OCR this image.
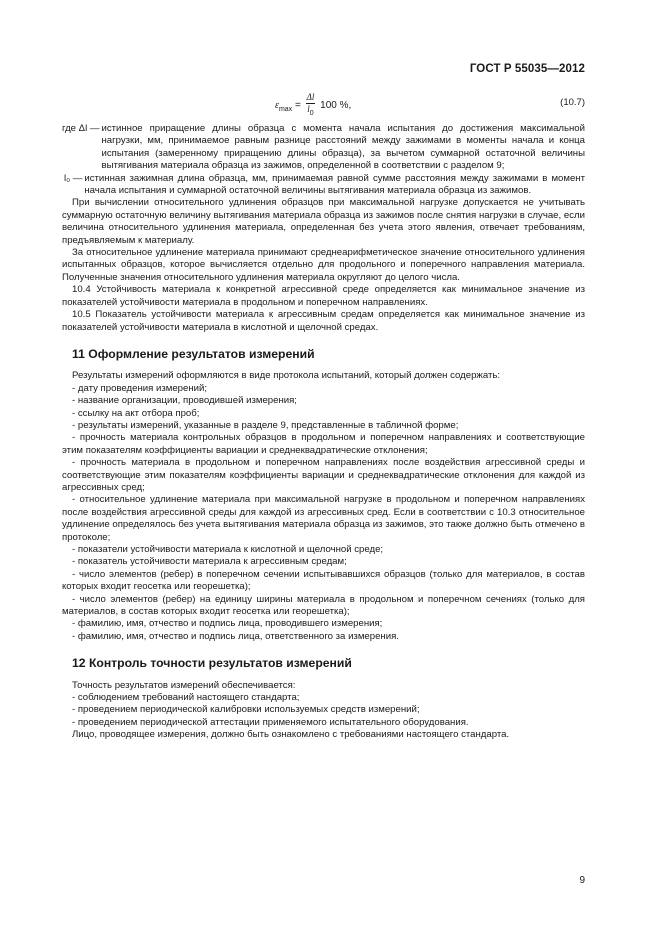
ГОСТ Р 55035—2012
$\varepsilon_{max} = \frac{\Delta l}{l_0} 100$ %,	(10.7)
где Δl — истинное приращение длины образца с момента начала испытания до достижения максимальной нагрузки, мм, принимаемое равным разнице расстояний между зажимами в моменты начала и конца испытания (замеренному приращению длины образца), за вычетом суммарной остаточной величины вытягивания материала образца из зажимов, определенной в соответствии с разделом 9;
l₀ — истинная зажимная длина образца, мм, принимаемая равной сумме расстояния между зажимами в момент начала испытания и суммарной остаточной величины вытягивания материала образца из зажимов.

При вычислении относительного удлинения образцов при максимальной нагрузке допускается не учитывать суммарную остаточную величину вытягивания материала образца из зажимов после снятия нагрузки в случае, если величина относительного удлинения материала, определенная без учета этого явления, отвечает требованиям, предъявляемым к материалу.

За относительное удлинение материала принимают среднеарифметическое значение относительного удлинения испытанных образцов, которое вычисляется отдельно для продольного и поперечного направления материала. Полученные значения относительного удлинения материала округляют до целого числа.

10.4 Устойчивость материала к конкретной агрессивной среде определяется как минимальное значение из показателей устойчивости материала в продольном и поперечном направлениях.

10.5 Показатель устойчивости материала к агрессивным средам определяется как минимальное значение из показателей устойчивости материала в кислотной и щелочной средах.

11 Оформление результатов измерений

Результаты измерений оформляются в виде протокола испытаний, который должен содержать:

- дату проведения измерений;

- название организации, проводившей измерения;

- ссылку на акт отбора проб;

- результаты измерений, указанные в разделе 9, представленные в табличной форме;

- прочность материала контрольных образцов в продольном и поперечном направлениях и соответствующие этим показателям коэффициенты вариации и среднеквадратические отклонения;

- прочность материала в продольном и поперечном направлениях после воздействия агрессивной среды и соответствующие этим показателям коэффициенты вариации и среднеквадратические отклонения для каждой из агрессивных сред;

- относительное удлинение материала при максимальной нагрузке в продольном и поперечном направлениях после воздействия агрессивной среды для каждой из агрессивных сред. Если в соответствии с 10.3 относительное удлинение определялось без учета вытягивания материала образца из зажимов, это также должно быть отмечено в протоколе;

- показатели устойчивости материала к кислотной и щелочной среде;

- показатель устойчивости материала к агрессивным средам;

- число элементов (ребер) в поперечном сечении испытывавшихся образцов (только для материалов, в состав которых входит геосетка или георешетка);

- число элементов (ребер) на единицу ширины материала в продольном и поперечном сечениях (только для материалов, в состав которых входит геосетка или георешетка);

- фамилию, имя, отчество и подпись лица, проводившего измерения;

- фамилию, имя, отчество и подпись лица, ответственного за измерения.

12 Контроль точности результатов измерений

Точность результатов измерений обеспечивается:

- соблюдением требований настоящего стандарта;

- проведением периодической калибровки используемых средств измерений;

- проведением периодической аттестации применяемого испытательного оборудования.

Лицо, проводящее измерения, должно быть ознакомлено с требованиями настоящего стандарта.

9
